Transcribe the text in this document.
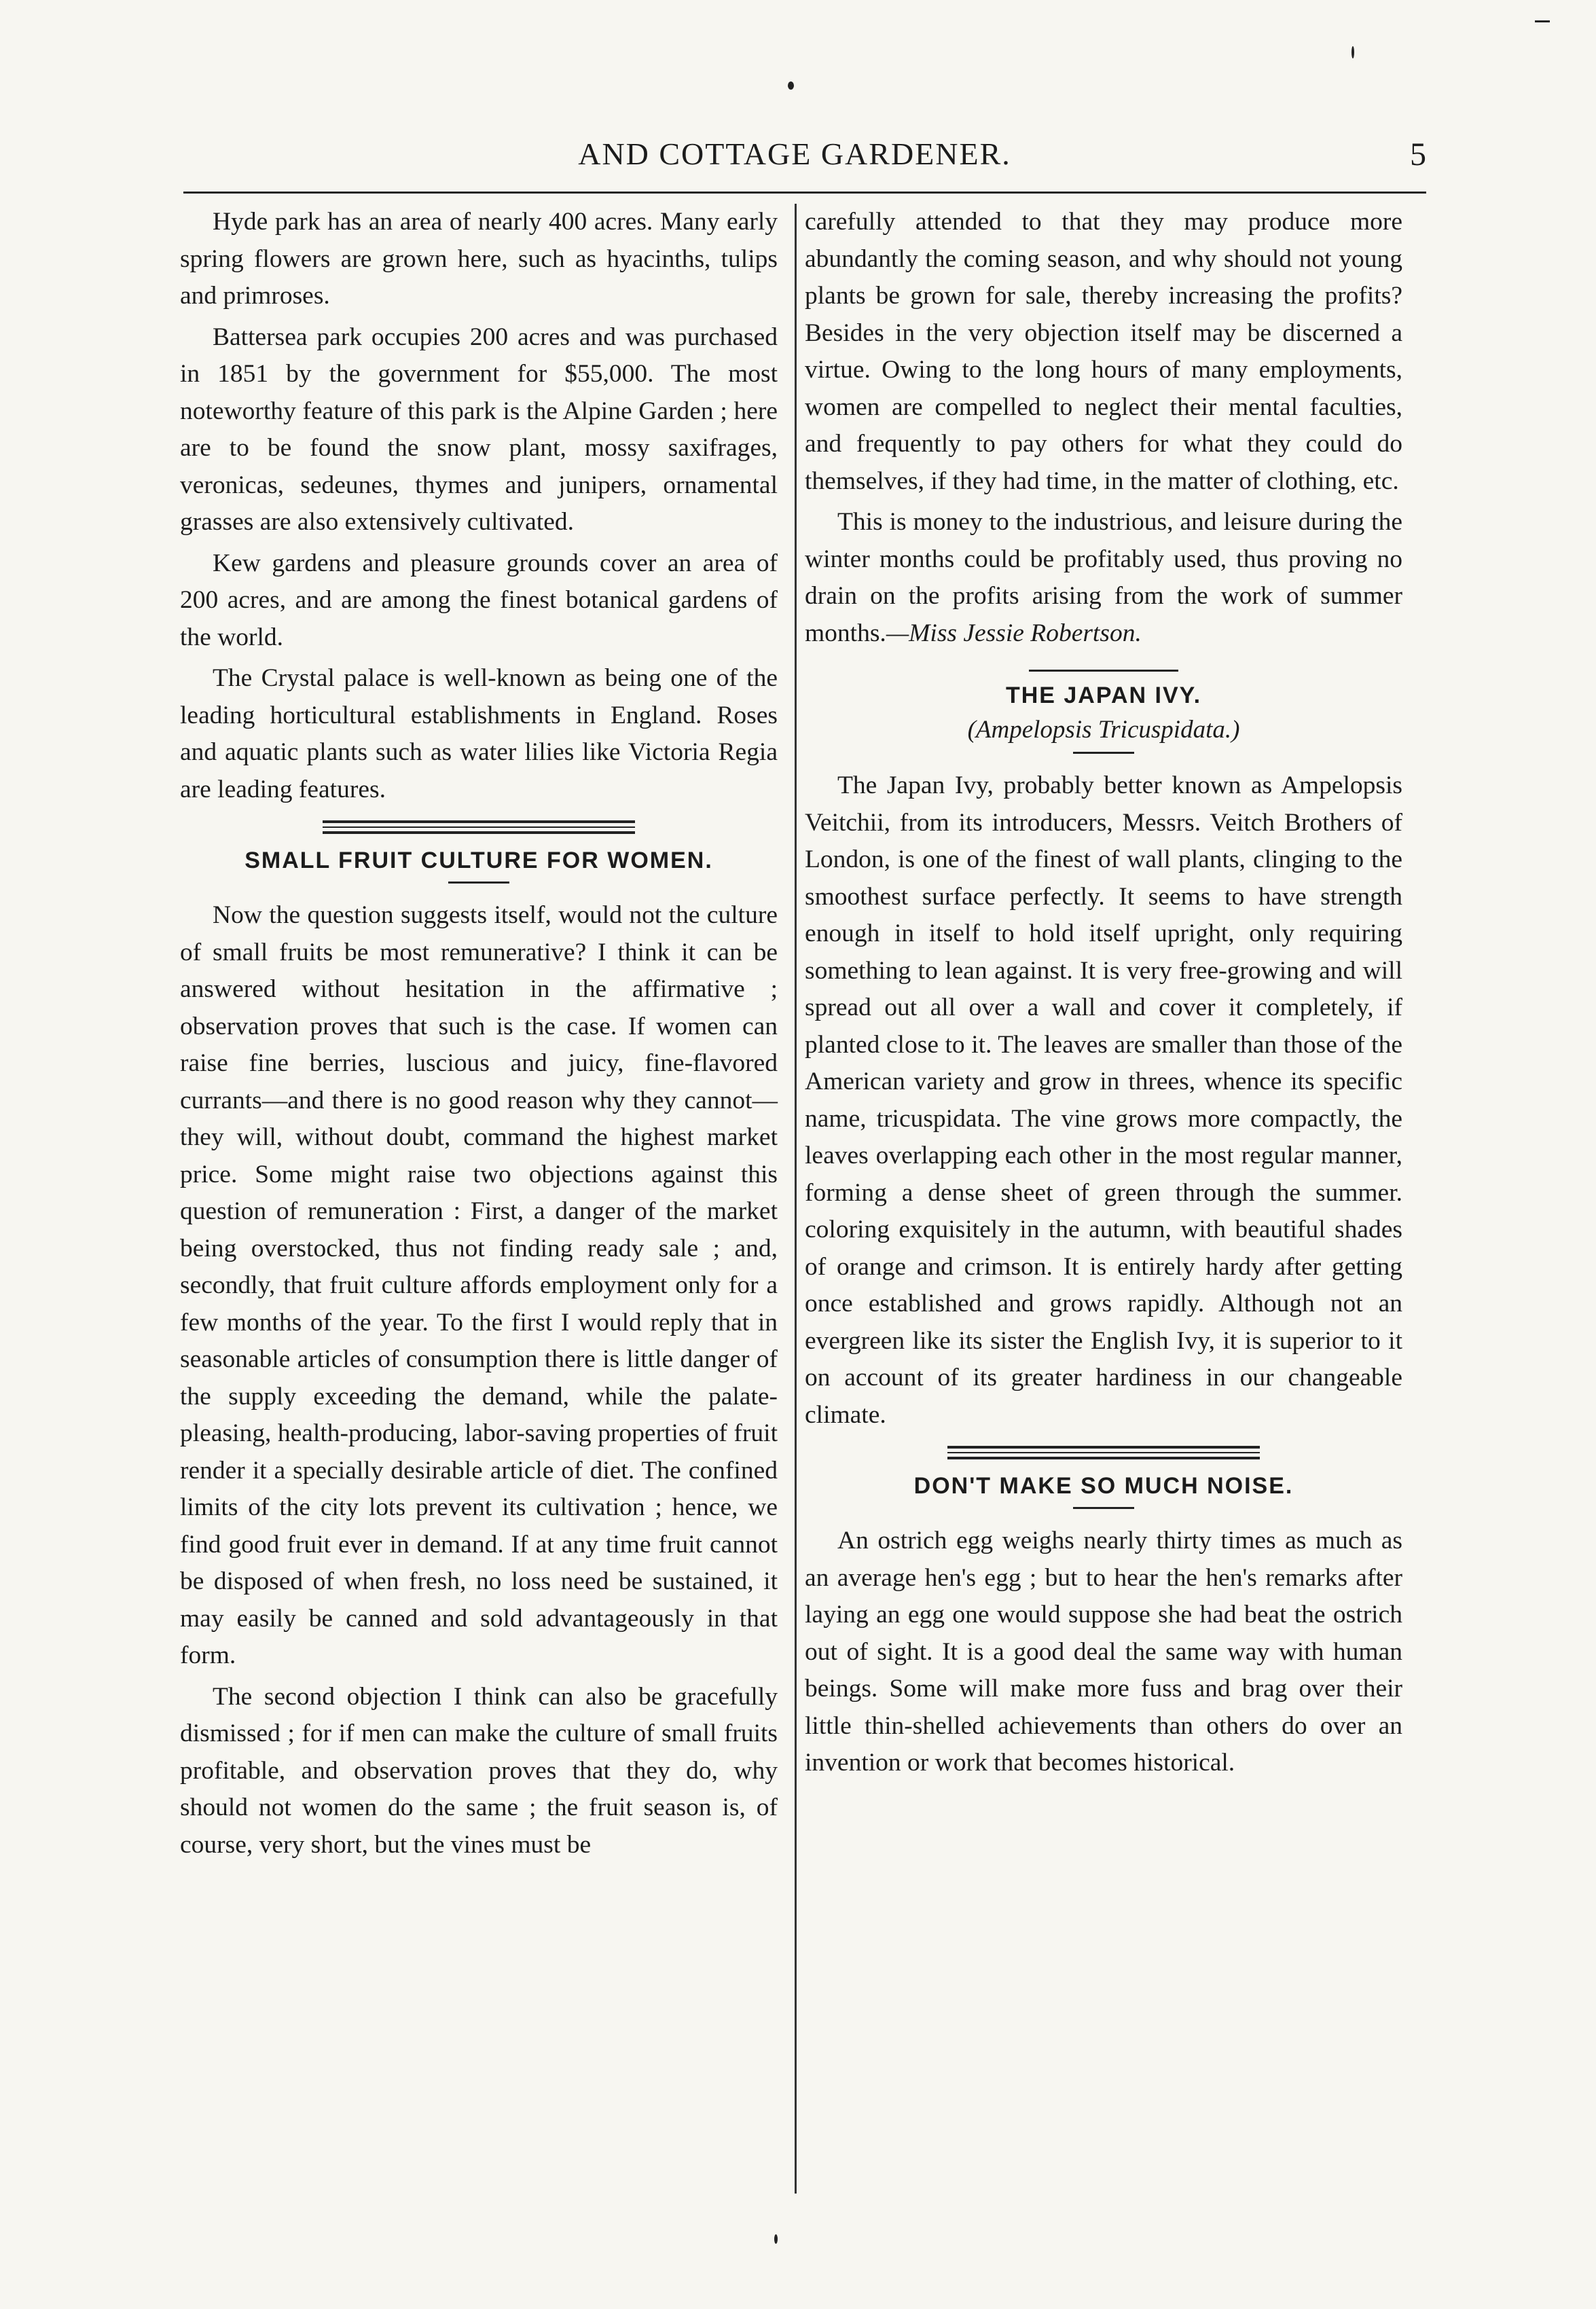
AND COTTAGE GARDENER.	5

Hyde park has an area of nearly 400 acres. Many early spring flowers are grown here, such as hyacinths, tulips and primroses.

Battersea park occupies 200 acres and was purchased in 1851 by the government for $55,000. The most noteworthy feature of this park is the Alpine Garden ; here are to be found the snow plant, mossy saxifrages, veronicas, sedeunes, thymes and junipers, ornamental grasses are also extensively cultivated.

Kew gardens and pleasure grounds cover an area of 200 acres, and are among the finest botanical gardens of the world.

The Crystal palace is well-known as being one of the leading horticultural establishments in England. Roses and aquatic plants such as water lilies like Victoria Regia are leading features.

SMALL FRUIT CULTURE FOR WOMEN.

Now the question suggests itself, would not the culture of small fruits be most remunerative? I think it can be answered without hesitation in the affirmative ; observation proves that such is the case. If women can raise fine berries, luscious and juicy, fine-flavored currants—and there is no good reason why they cannot—they will, without doubt, command the highest market price. Some might raise two objections against this question of remuneration : First, a danger of the market being overstocked, thus not finding ready sale ; and, secondly, that fruit culture affords employment only for a few months of the year. To the first I would reply that in seasonable articles of consumption there is little danger of the supply exceeding the demand, while the palate-pleasing, health-producing, labor-saving properties of fruit render it a specially desirable article of diet. The confined limits of the city lots prevent its cultivation ; hence, we find good fruit ever in demand. If at any time fruit cannot be disposed of when fresh, no loss need be sustained, it may easily be canned and sold advantageously in that form.

The second objection I think can also be gracefully dismissed ; for if men can make the culture of small fruits profitable, and observation proves that they do, why should not women do the same ; the fruit season is, of course, very short, but the vines must be

carefully attended to that they may produce more abundantly the coming season, and why should not young plants be grown for sale, thereby increasing the profits? Besides in the very objection itself may be discerned a virtue. Owing to the long hours of many employments, women are compelled to neglect their mental faculties, and frequently to pay others for what they could do themselves, if they had time, in the matter of clothing, etc.

This is money to the industrious, and leisure during the winter months could be profitably used, thus proving no drain on the profits arising from the work of summer months.—Miss Jessie Robertson.

THE JAPAN IVY.
(Ampelopsis Tricuspidata.)

The Japan Ivy, probably better known as Ampelopsis Veitchii, from its introducers, Messrs. Veitch Brothers of London, is one of the finest of wall plants, clinging to the smoothest surface perfectly. It seems to have strength enough in itself to hold itself upright, only requiring something to lean against. It is very free-growing and will spread out all over a wall and cover it completely, if planted close to it. The leaves are smaller than those of the American variety and grow in threes, whence its specific name, tricuspidata. The vine grows more compactly, the leaves overlapping each other in the most regular manner, forming a dense sheet of green through the summer. coloring exquisitely in the autumn, with beautiful shades of orange and crimson. It is entirely hardy after getting once established and grows rapidly. Although not an evergreen like its sister the English Ivy, it is superior to it on account of its greater hardiness in our changeable climate.

DON'T MAKE SO MUCH NOISE.

An ostrich egg weighs nearly thirty times as much as an average hen's egg ; but to hear the hen's remarks after laying an egg one would suppose she had beat the ostrich out of sight. It is a good deal the same way with human beings. Some will make more fuss and brag over their little thin-shelled achievements than others do over an invention or work that becomes historical.
